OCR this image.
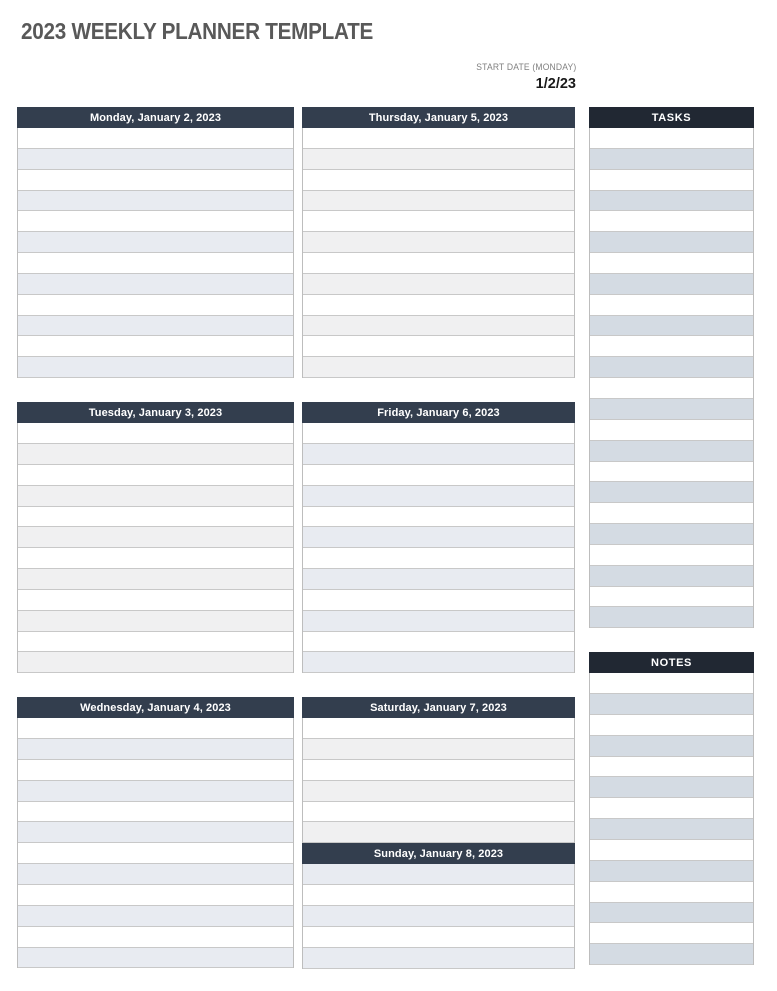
2023 WEEKLY PLANNER TEMPLATE
START DATE (MONDAY)
1/2/23
Monday, January 2, 2023
Tuesday, January 3, 2023
Wednesday, January 4, 2023
Thursday, January 5, 2023
Friday, January 6, 2023
Saturday, January 7, 2023
Sunday, January 8, 2023
TASKS
NOTES
